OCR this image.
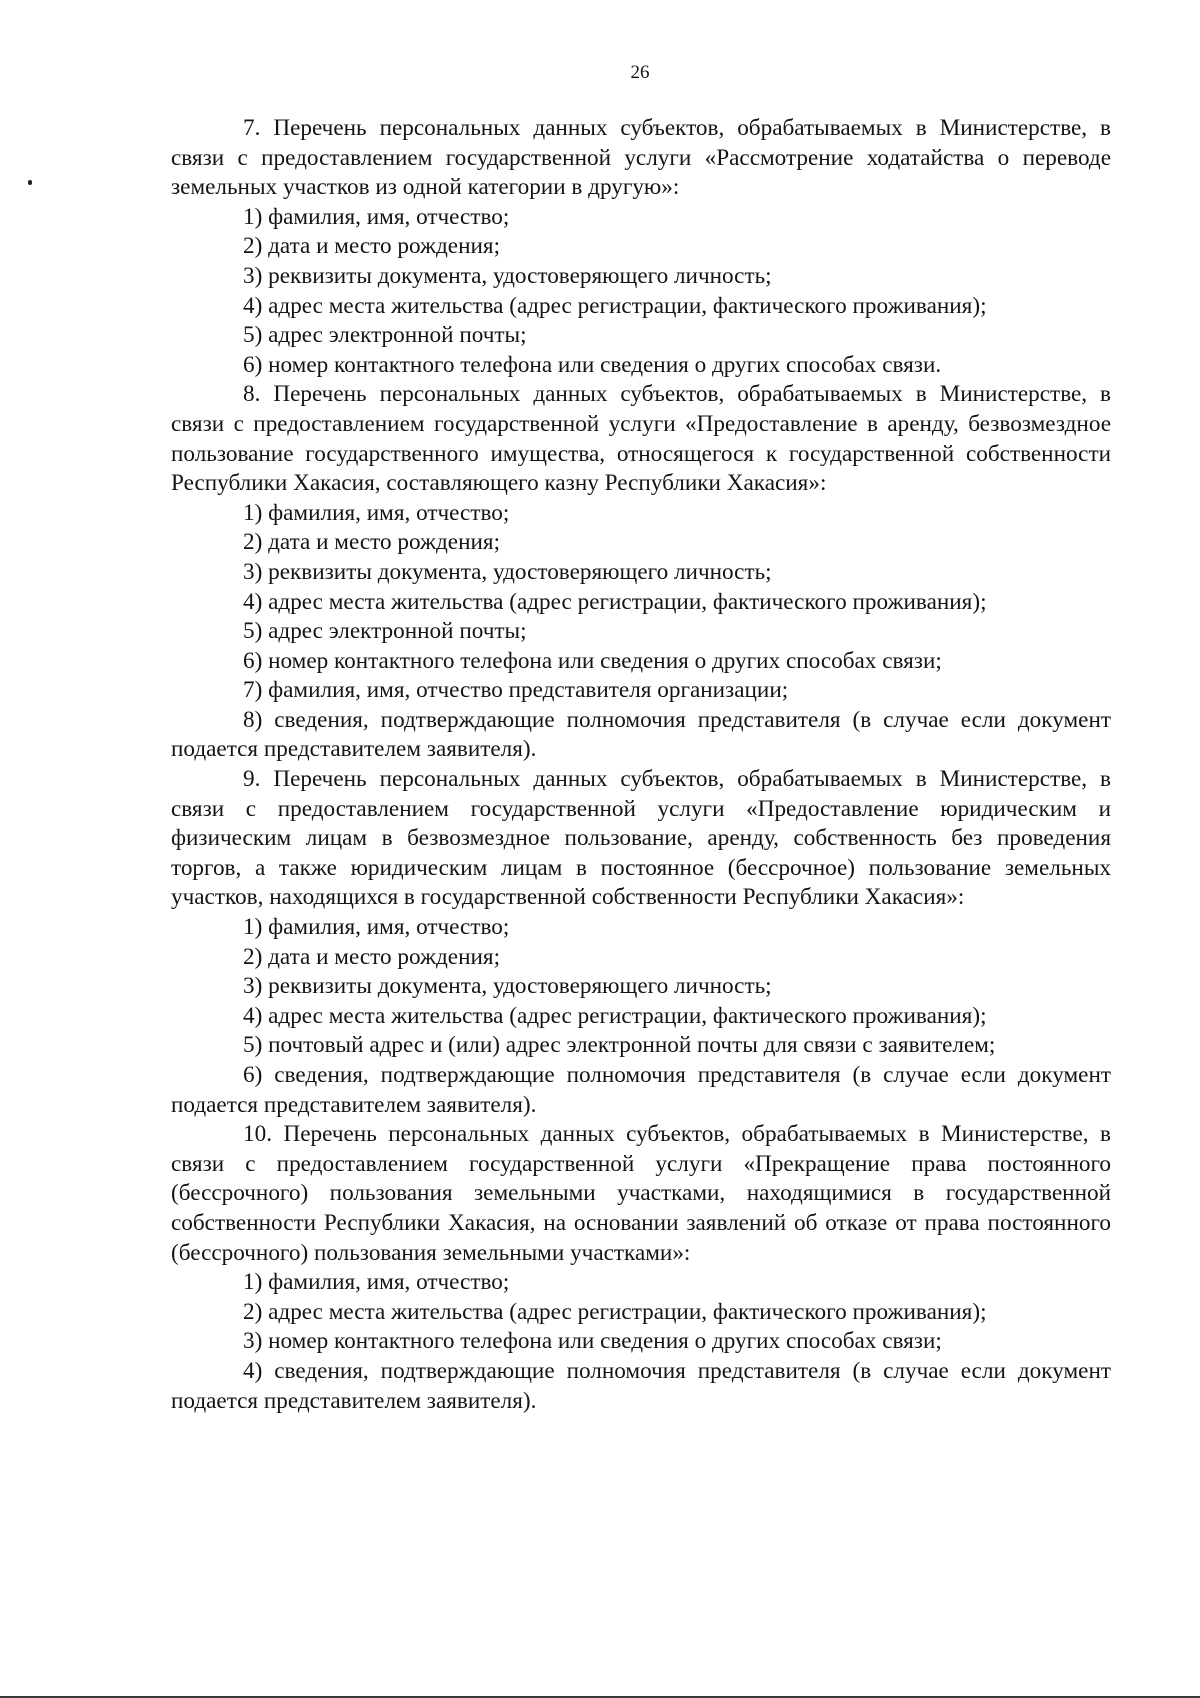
26

7. Перечень персональных данных субъектов, обрабатываемых в Министерстве, в связи с предоставлением государственной услуги «Рассмотрение ходатайства о переводе земельных участков из одной категории в другую»:

1) фамилия, имя, отчество;

2) дата и место рождения;

3) реквизиты документа, удостоверяющего личность;

4) адрес места жительства (адрес регистрации, фактического проживания);

5) адрес электронной почты;

6) номер контактного телефона или сведения о других способах связи.

8. Перечень персональных данных субъектов, обрабатываемых в Министерстве, в связи с предоставлением государственной услуги «Предоставление в аренду, безвозмездное пользование государственного имущества, относящегося к государственной собственности Республики Хакасия, составляющего казну Республики Хакасия»:

1) фамилия, имя, отчество;

2) дата и место рождения;

3) реквизиты документа, удостоверяющего личность;

4) адрес места жительства (адрес регистрации, фактического проживания);

5) адрес электронной почты;

6) номер контактного телефона или сведения о других способах связи;

7) фамилия, имя, отчество представителя организации;

8) сведения, подтверждающие полномочия представителя (в случае если документ подается представителем заявителя).

9. Перечень персональных данных субъектов, обрабатываемых в Министерстве, в связи с предоставлением государственной услуги «Предоставление юридическим и физическим лицам в безвозмездное пользование, аренду, собственность без проведения торгов, а также юридическим лицам в постоянное (бессрочное) пользование земельных участков, находящихся в государственной собственности Республики Хакасия»:

1) фамилия, имя, отчество;

2) дата и место рождения;

3) реквизиты документа, удостоверяющего личность;

4) адрес места жительства (адрес регистрации, фактического проживания);

5) почтовый адрес и (или) адрес электронной почты для связи с заявителем;

6) сведения, подтверждающие полномочия представителя (в случае если документ подается представителем заявителя).

10. Перечень персональных данных субъектов, обрабатываемых в Министерстве, в связи с предоставлением государственной услуги «Прекращение права постоянного (бессрочного) пользования земельными участками, находящимися в государственной собственности Республики Хакасия, на основании заявлений об отказе от права постоянного (бессрочного) пользования земельными участками»:

1) фамилия, имя, отчество;

2) адрес места жительства (адрес регистрации, фактического проживания);

3) номер контактного телефона или сведения о других способах связи;

4) сведения, подтверждающие полномочия представителя (в случае если документ подается представителем заявителя).
